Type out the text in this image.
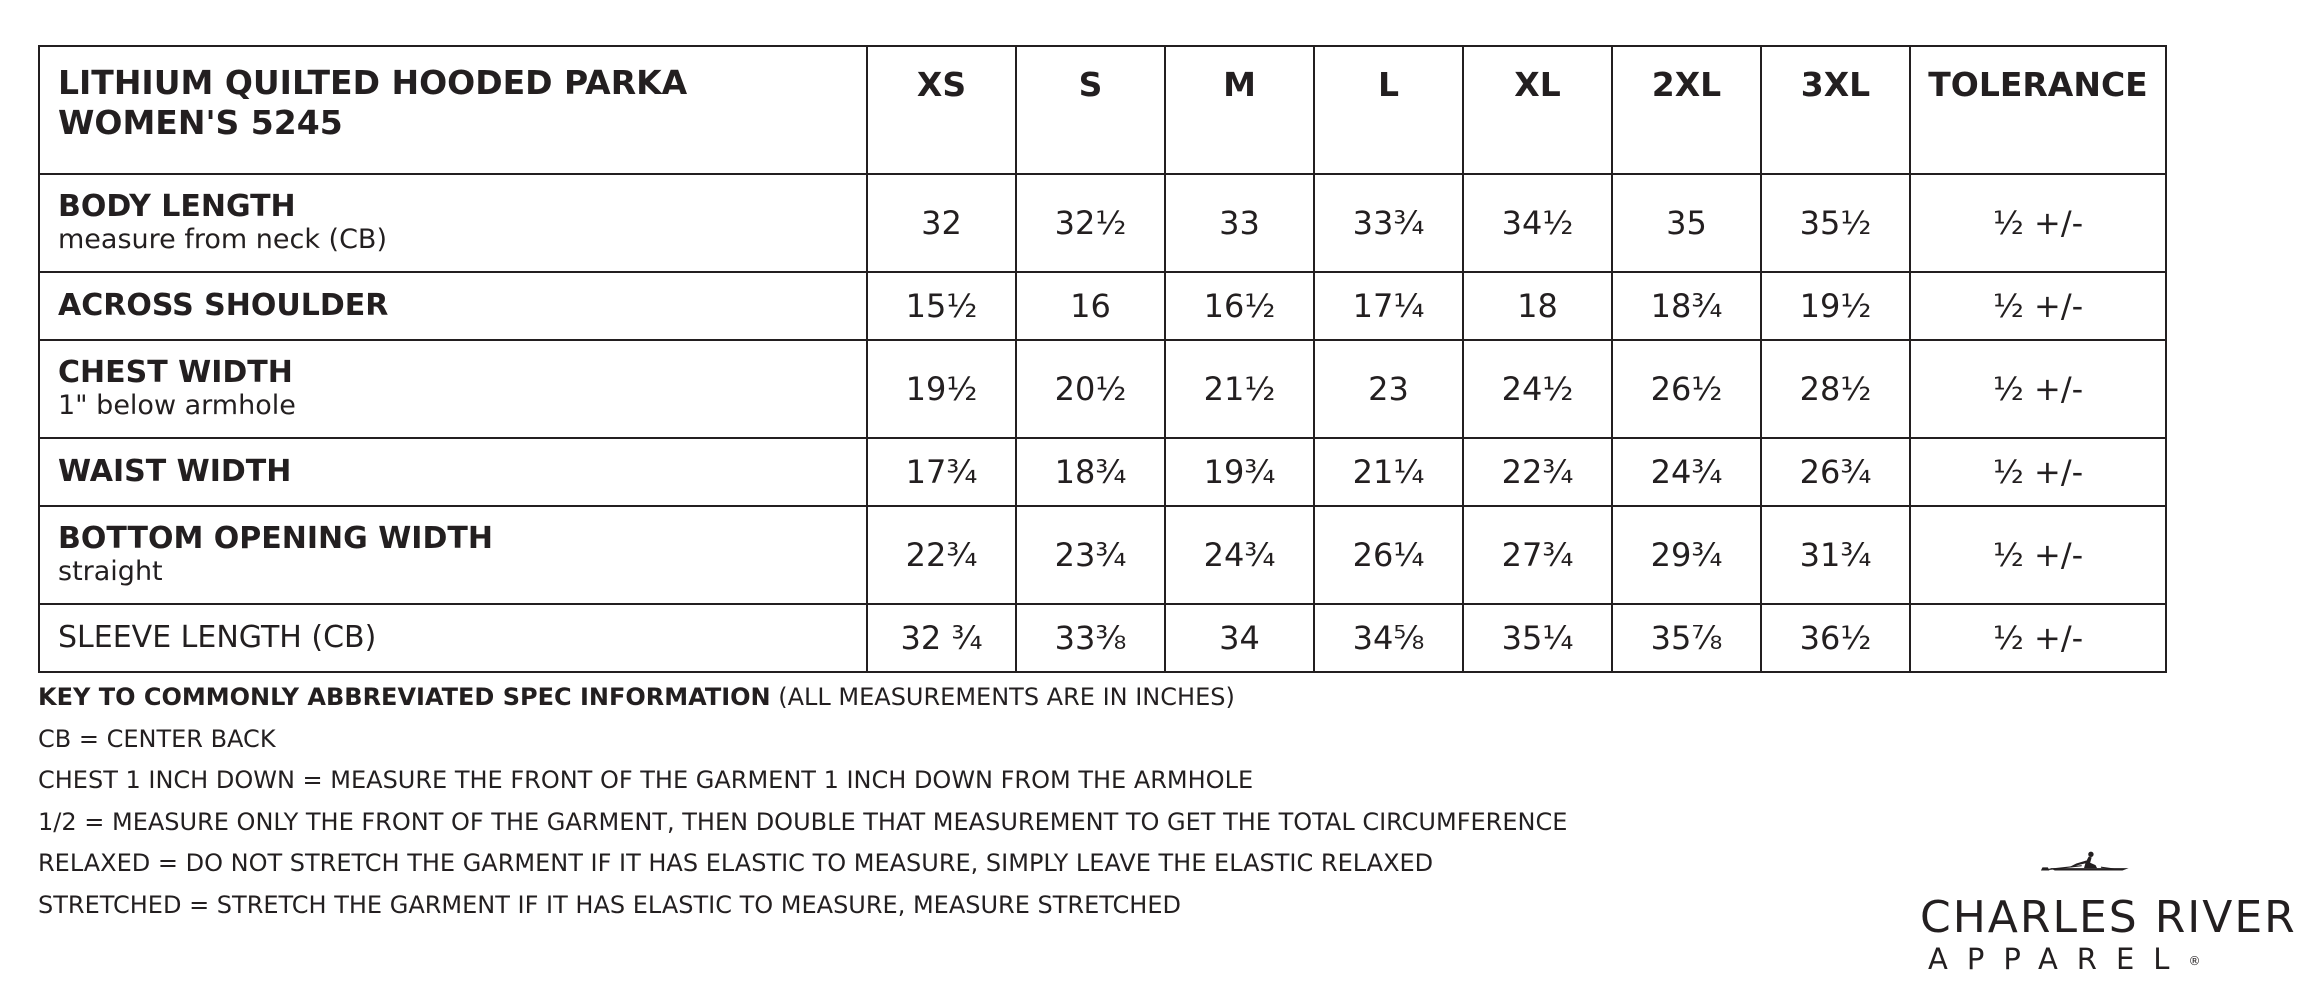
LITHIUM QUILTED HOODED PARKA
WOMEN'S 5245	XS	S	M	L	XL	2XL	3XL	TOLERANCE

BODY LENGTH
measure from neck (CB)	32	32½	33	33¾	34½	35	35½	½ +/-

ACROSS SHOULDER	15½	16	16½	17¼	18	18¾	19½	½ +/-

CHEST WIDTH
1" below armhole	19½	20½	21½	23	24½	26½	28½	½ +/-

WAIST WIDTH	17¾	18¾	19¾	21¼	22¾	24¾	26¾	½ +/-

BOTTOM OPENING WIDTH
straight	22¾	23¾	24¾	26¼	27¾	29¾	31¾	½ +/-

SLEEVE LENGTH (CB)	32 ¾	33⅜	34	34⅝	35¼	35⅞	36½	½ +/-
KEY TO COMMONLY ABBREVIATED SPEC INFORMATION (ALL MEASUREMENTS ARE IN INCHES)
CB = CENTER BACK
CHEST 1 INCH DOWN = MEASURE THE FRONT OF THE GARMENT 1 INCH DOWN FROM THE ARMHOLE
1/2 = MEASURE ONLY THE FRONT OF THE GARMENT, THEN DOUBLE THAT MEASUREMENT TO GET THE TOTAL CIRCUMFERENCE
RELAXED = DO NOT STRETCH THE GARMENT IF IT HAS ELASTIC TO MEASURE, SIMPLY LEAVE THE ELASTIC RELAXED
STRETCHED = STRETCH THE GARMENT IF IT HAS ELASTIC TO MEASURE, MEASURE STRETCHED	CHARLES RIVER
APPAREL®
